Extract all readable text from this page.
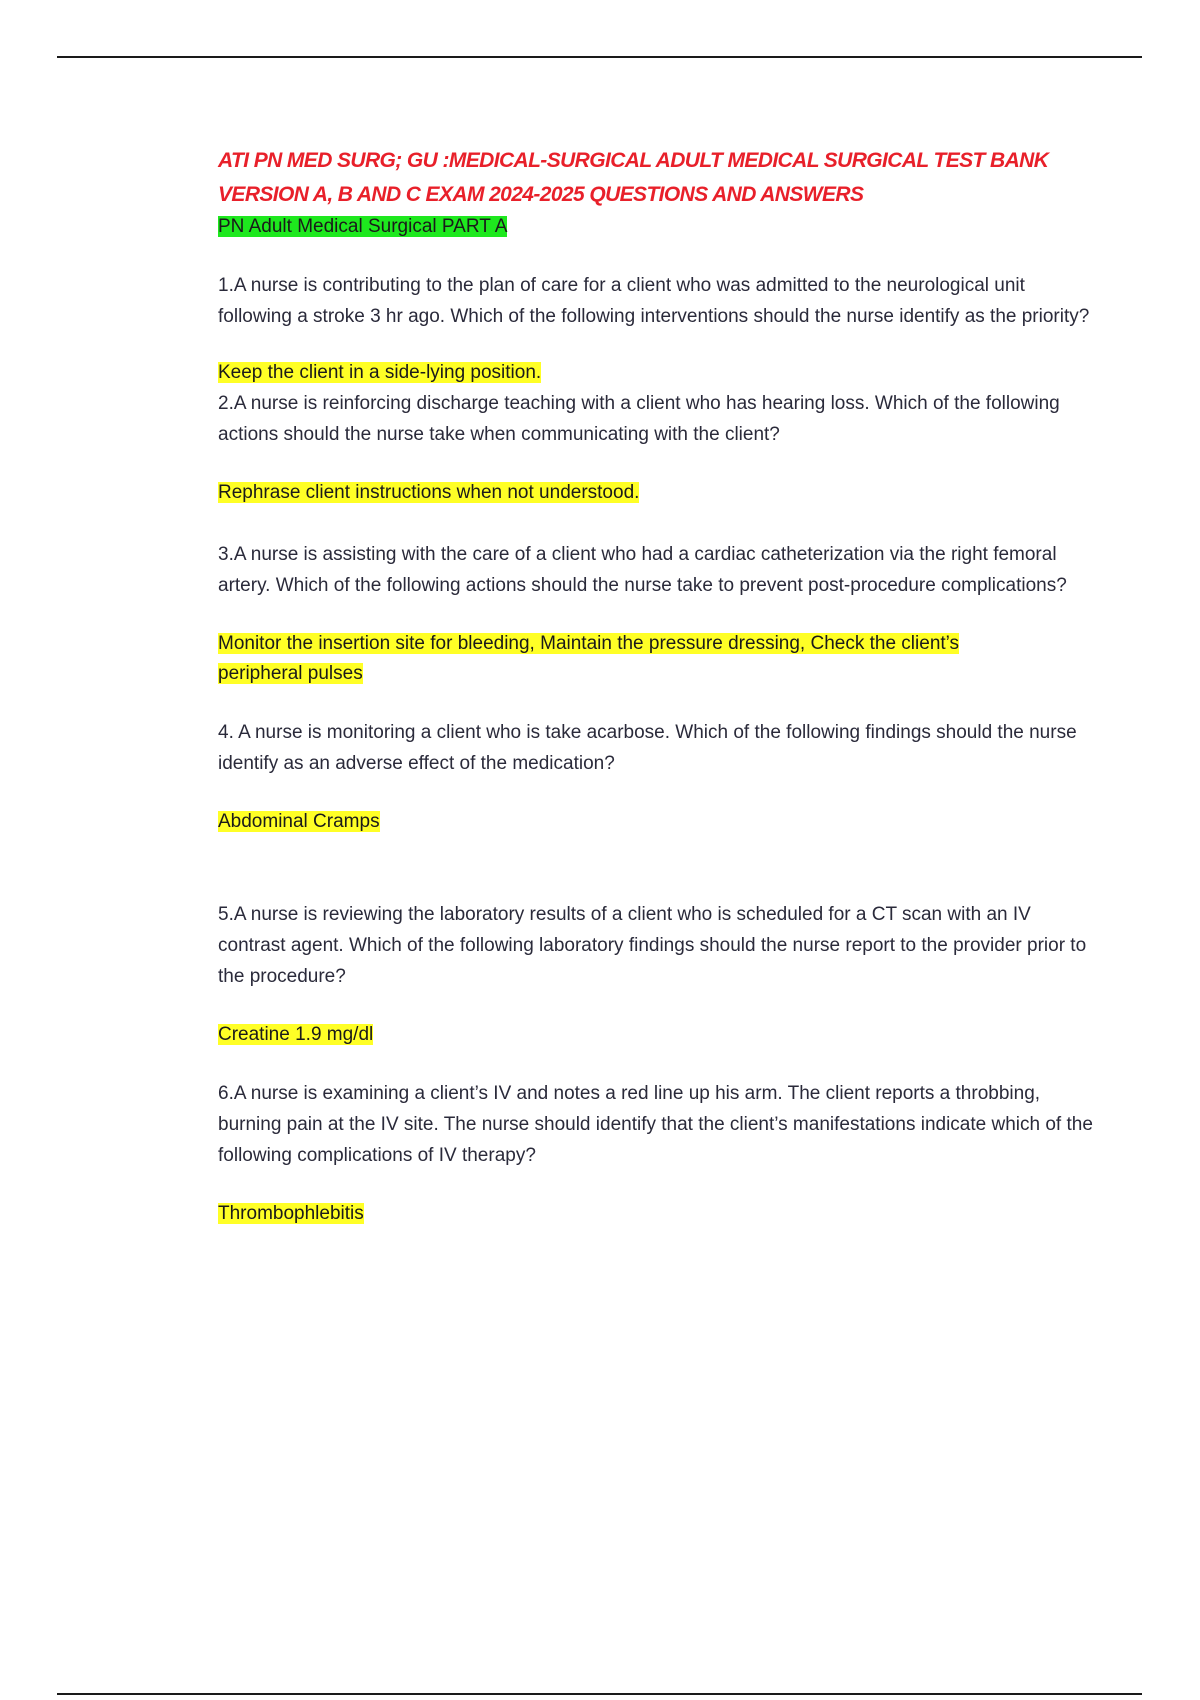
ATI PN MED SURG; GU :MEDICAL-SURGICAL ADULT MEDICAL SURGICAL TEST BANK
VERSION A, B AND C EXAM 2024-2025 QUESTIONS AND ANSWERS

PN Adult Medical Surgical PART A

1.A nurse is contributing to the plan of care for a client who was admitted to the neurological unit following a stroke 3 hr ago. Which of the following interventions should the nurse identify as the priority?

Keep the client in a side-lying position.

2.A nurse is reinforcing discharge teaching with a client who has hearing loss. Which of the following actions should the nurse take when communicating with the client?

Rephrase client instructions when not understood.

3.A nurse is assisting with the care of a client who had a cardiac catheterization via the right femoral artery. Which of the following actions should the nurse take to prevent post-procedure complications?

Monitor the insertion site for bleeding, Maintain the pressure dressing, Check the client’s
peripheral pulses

4. A nurse is monitoring a client who is take acarbose. Which of the following findings should the nurse identify as an adverse effect of the medication?

Abdominal Cramps

5.A nurse is reviewing the laboratory results of a client who is scheduled for a CT scan with an IV contrast agent. Which of the following laboratory findings should the nurse report to the provider prior to the procedure?

Creatine 1.9 mg/dl

6.A nurse is examining a client’s IV and notes a red line up his arm. The client reports a throbbing, burning pain at the IV site. The nurse should identify that the client’s manifestations indicate which of the following complications of IV therapy?

Thrombophlebitis
